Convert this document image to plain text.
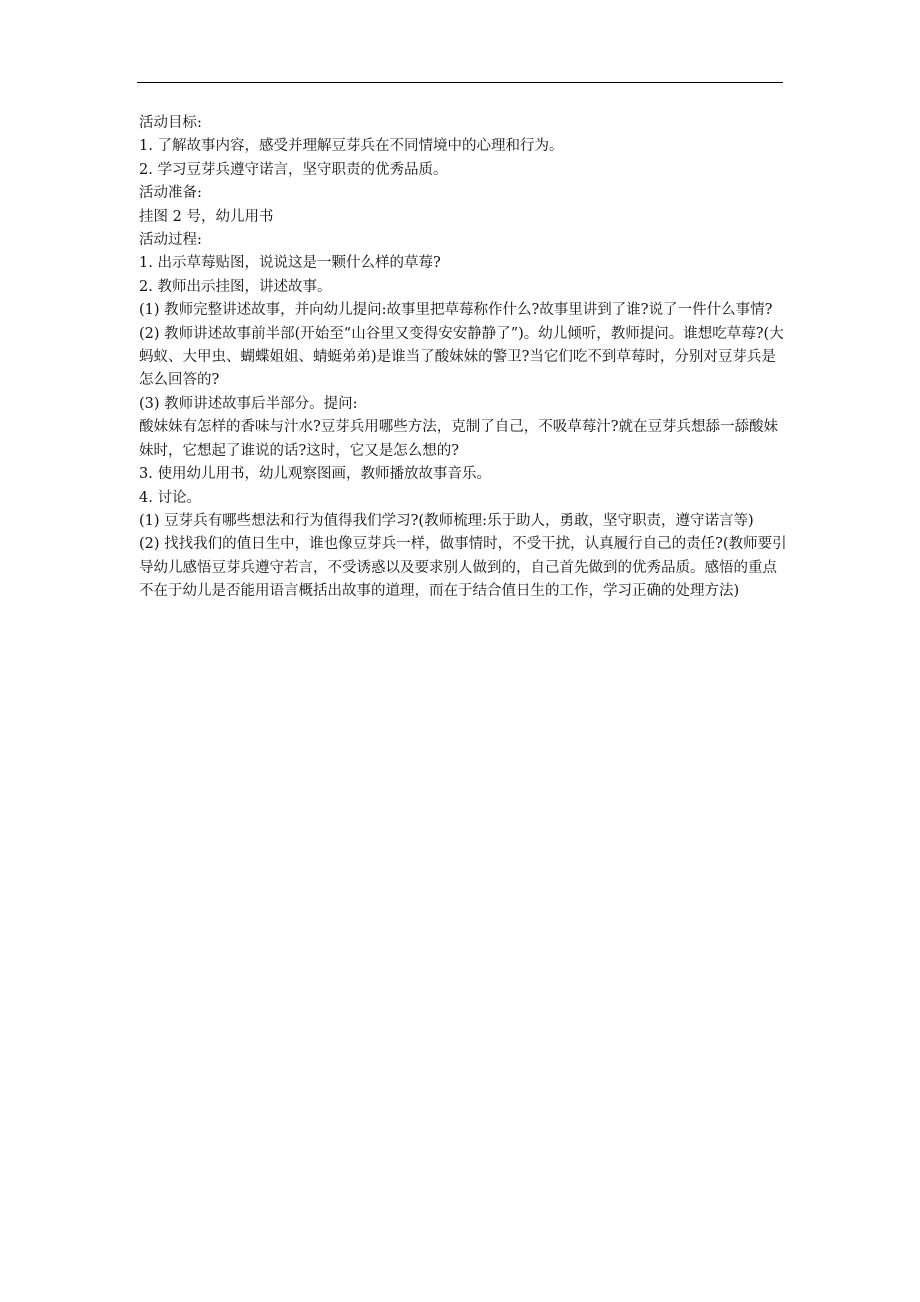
活动目标:

1. 了解故事内容，感受并理解豆芽兵在不同情境中的心理和行为。

2. 学习豆芽兵遵守诺言，坚守职责的优秀品质。

活动准备:

挂图 2 号，幼儿用书

活动过程:

1. 出示草莓贴图，说说这是一颗什么样的草莓?

2. 教师出示挂图，讲述故事。

(1) 教师完整讲述故事，并向幼儿提问:故事里把草莓称作什么?故事里讲到了谁?说了一件什么事情?

(2) 教师讲述故事前半部(开始至“山谷里又变得安安静静了”)。幼儿倾听，教师提问。谁想吃草莓?(大蚂蚁、大甲虫、蝴蝶姐姐、蜻蜓弟弟)是谁当了酸妹妹的警卫?当它们吃不到草莓时，分别对豆芽兵是怎么回答的?

(3) 教师讲述故事后半部分。提问:

酸妹妹有怎样的香味与汁水?豆芽兵用哪些方法，克制了自己，不吸草莓汁?就在豆芽兵想舔一舔酸妹妹时，它想起了谁说的话?这时，它又是怎么想的?

3. 使用幼儿用书，幼儿观察图画，教师播放故事音乐。

4. 讨论。

(1) 豆芽兵有哪些想法和行为值得我们学习?(教师梳理:乐于助人，勇敢，坚守职责，遵守诺言等)

(2) 找找我们的值日生中，谁也像豆芽兵一样，做事情时，不受干扰，认真履行自己的责任?(教师要引导幼儿感悟豆芽兵遵守若言，不受诱惑以及要求别人做到的，自己首先做到的优秀品质。感悟的重点不在于幼儿是否能用语言概括出故事的道理，而在于结合值日生的工作，学习正确的处理方法)
